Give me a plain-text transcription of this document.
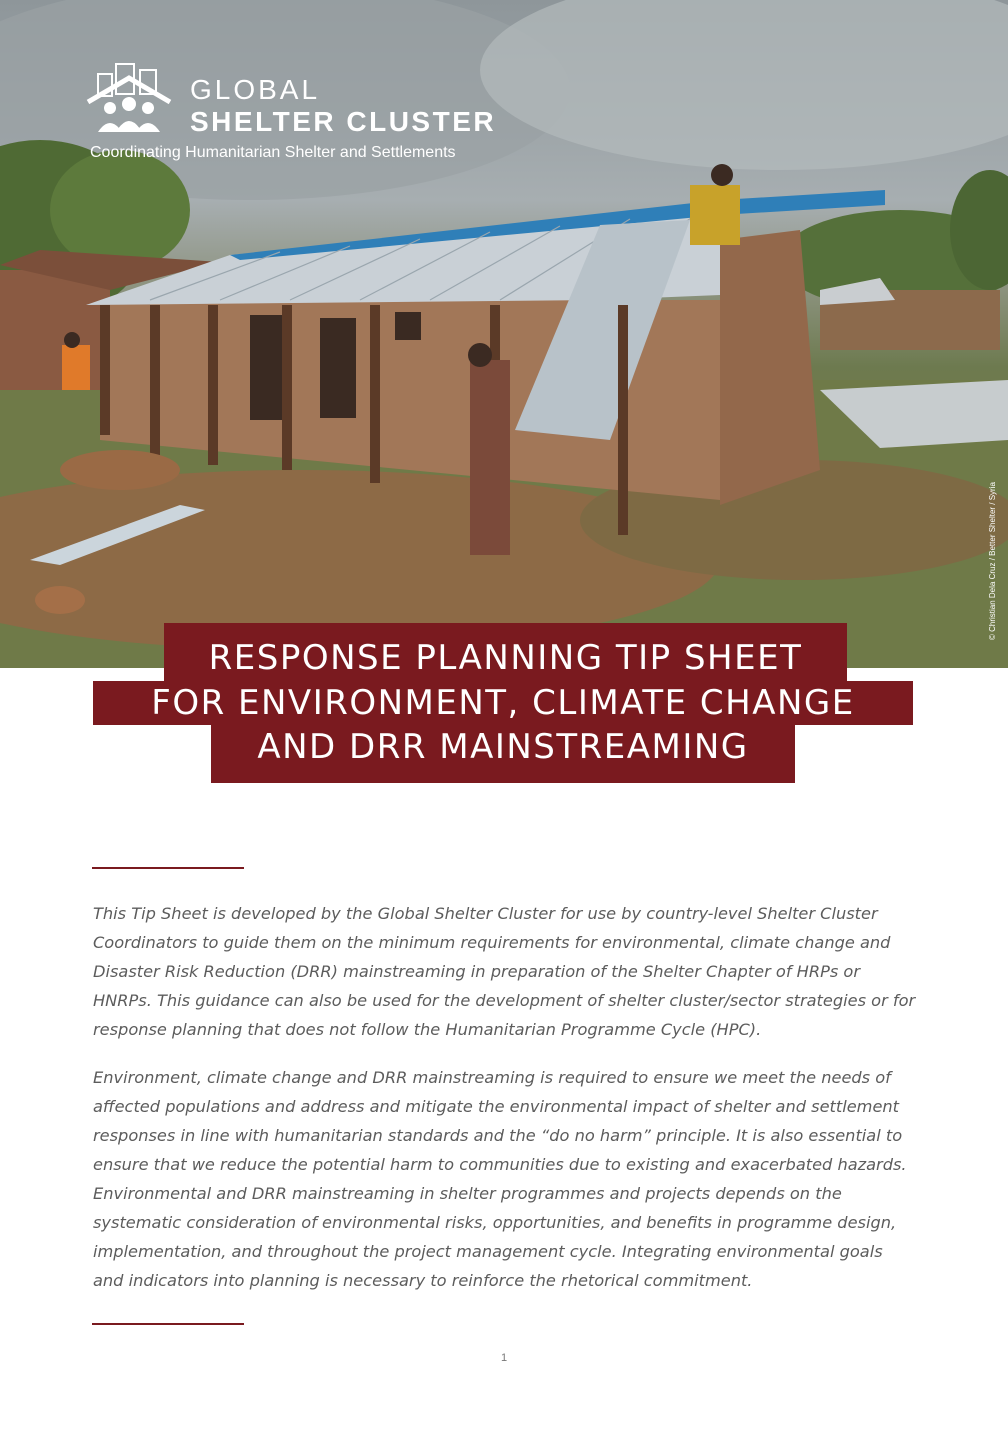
GLOBAL
SHELTER CLUSTER
Coordinating Humanitarian Shelter and Settlements
© Christian Dela Cruz / Better Shelter / Syria
RESPONSE PLANNING TIP SHEET
FOR ENVIRONMENT, CLIMATE CHANGE
AND DRR MAINSTREAMING

This Tip Sheet is developed by the Global Shelter Cluster for use by country-level Shelter Cluster Coordinators to guide them on the minimum requirements for environmental, climate change and Disaster Risk Reduction (DRR) mainstreaming in preparation of the Shelter Chapter of HRPs or HNRPs. This guidance can also be used for the development of shelter cluster/sector strategies or for response planning that does not follow the Humanitarian Programme Cycle (HPC).

Environment, climate change and DRR mainstreaming is required to ensure we meet the needs of affected populations and address and mitigate the environmental impact of shelter and settlement responses in line with humanitarian standards and the “do no harm” principle. It is also essential to ensure that we reduce the potential harm to communities due to existing and exacerbated hazards. Environmental and DRR mainstreaming in shelter programmes and projects depends on the systematic consideration of environmental risks, opportunities, and benefits in programme design, implementation, and throughout the project management cycle. Integrating environmental goals and indicators into planning is necessary to reinforce the rhetorical commitment.

1
